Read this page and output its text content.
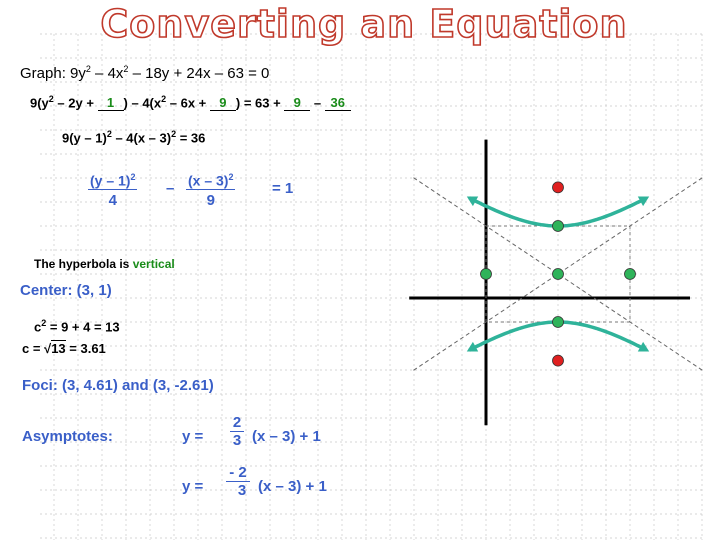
Converting an Equation
Graph: $9y^2 - 4x^2 - 18y + 24x - 63 = 0$
$9(y^2 - 2y + 1$ ) – $4(x^2 - 6x + 9$ ) = 63 + 9 – 36
9(y – 1)$^2$ – 4(x – 3)$^2$ = 36
(y – 1)$^2$
4
– (x – 3)$^2$
9
= 1
The hyperbola is vertical
Center: (3, 1)
$c^2 = 9 + 4 = 13$
c = √13 = 3.61
Foci: (3, 4.61) and (3, -2.61)
Asymptotes:	y =
2
3 (x – 3) + 1
y =
- 2
3 (x – 3) + 1
